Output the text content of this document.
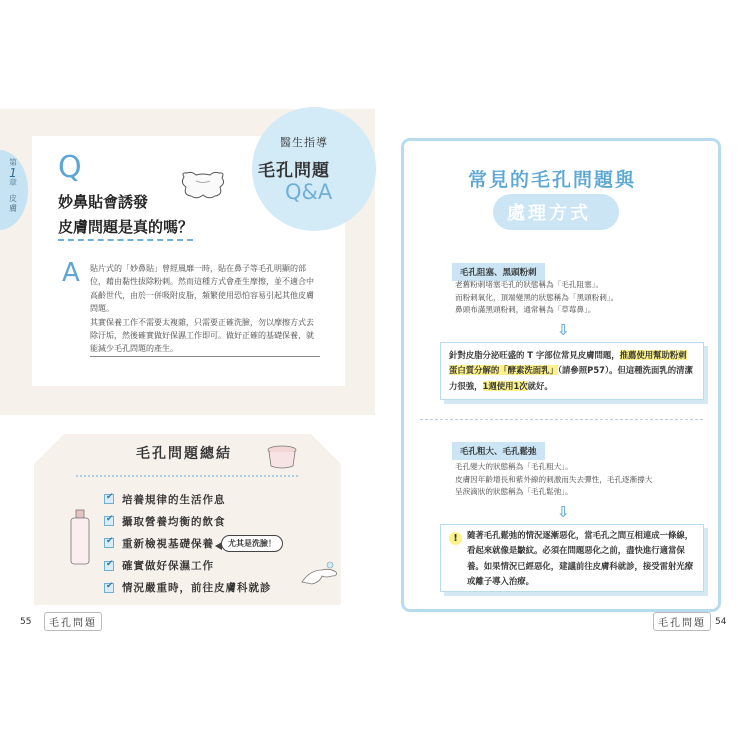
第
1
章
皮膚
醫生指導
毛孔問題
Q&A
Q
妙鼻貼會誘發
皮膚問題是真的嗎？
A 貼片式的「妙鼻貼」曾經風靡一時，貼在鼻子等毛孔明顯的部位，藉由黏性拔除粉刺。然而這種方式會產生摩擦，並不適合中高齡世代，由於一併吸附皮脂，頻繁使用恐怕容易引起其他皮膚問題。

其實保養工作不需要太複雜，只需要正確洗臉，勿以摩擦方式去除汙垢，然後確實做好保濕工作即可。做好正確的基礎保養，就能減少毛孔問題的產生。

毛孔問題總結
✔ 培養規律的生活作息
✔ 攝取營養均衡的飲食
✔ 重新檢視基礎保養
✔ 確實做好保濕工作
✔ 情況嚴重時，前往皮膚科就診
尤其是洗臉！
55	毛孔問題
常見的毛孔問題與
處理方式
毛孔阻塞、黑頭粉刺
老舊粉刺堵塞毛孔的狀態稱為「毛孔阻塞」。
而粉刺氧化，頂端變黑的狀態稱為「黑頭粉刺」。
鼻頭布滿黑頭粉刺，通常稱為「草莓鼻」。
⇩
針對皮脂分泌旺盛的 T 字部位常見皮膚問題，推薦使用幫助粉刺蛋白質分解的「酵素洗面乳」（請參照P57）。但這種洗面乳的清潔力很強，1週使用1次就好。
毛孔粗大、毛孔鬆弛
毛孔變大的狀態稱為「毛孔粗大」。
皮膚因年齡增長和紫外線的刺激而失去彈性，毛孔逐漸撐大
呈淚滴狀的狀態稱為「毛孔鬆弛」。
⇩
!	隨著毛孔鬆弛的情況逐漸惡化，當毛孔之間互相連成一條線，看起來就像是皺紋。必須在問題惡化之前，盡快進行適當保養。如果情況已經惡化，建議前往皮膚科就診，接受雷射光療或離子導入治療。
毛孔問題	54
